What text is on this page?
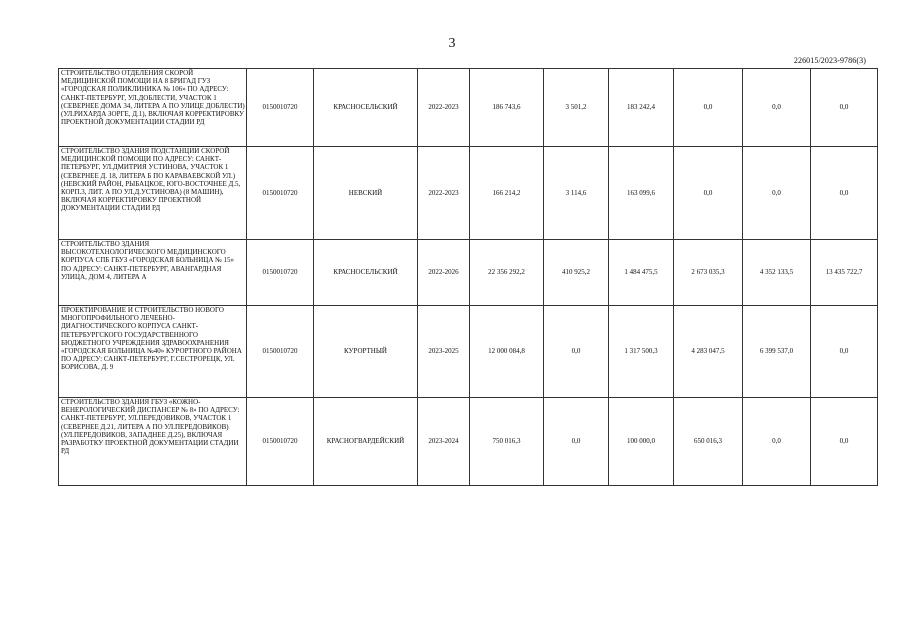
3
226015/2023-9786(3)
СТРОИТЕЛЬСТВО ОТДЕЛЕНИЯ СКОРОЙ МЕДИЦИНСКОЙ ПОМОЩИ НА 8 БРИГАД ГУЗ «ГОРОДСКАЯ ПОЛИКЛИНИКА № 106» ПО АДРЕСУ: САНКТ-ПЕТЕРБУРГ, УЛ.ДОБЛЕСТИ, УЧАСТОК 1 (СЕВЕРНЕЕ ДОМА 34, ЛИТЕРА А ПО УЛИЦЕ ДОБЛЕСТИ) (УЛ.РИХАРДА ЗОРГЕ, Д.1), ВКЛЮЧАЯ КОРРЕКТИРОВКУ ПРОЕКТНОЙ ДОКУМЕНТАЦИИ СТАДИИ РД	0150010720	КРАСНОСЕЛЬСКИЙ	2022-2023	186 743,6	3 501,2	183 242,4	0,0	0,0	0,0
СТРОИТЕЛЬСТВО ЗДАНИЯ ПОДСТАНЦИИ СКОРОЙ МЕДИЦИНСКОЙ ПОМОЩИ ПО АДРЕСУ: САНКТ-ПЕТЕРБУРГ, УЛ.ДМИТРИЯ УСТИНОВА, УЧАСТОК 1 (СЕВЕРНЕЕ Д. 18, ЛИТЕРА Б ПО КАРАВАЕВСКОЙ УЛ.) (НЕВСКИЙ РАЙОН, РЫБАЦКОЕ, ЮГО-ВОСТОЧНЕЕ Д.5, КОРП.3, ЛИТ. А ПО УЛ.Д.УСТИНОВА) (8 МАШИН), ВКЛЮЧАЯ КОРРЕКТИРОВКУ ПРОЕКТНОЙ ДОКУМЕНТАЦИИ СТАДИИ РД	0150010720	НЕВСКИЙ	2022-2023	166 214,2	3 114,6	163 099,6	0,0	0,0	0,0
СТРОИТЕЛЬСТВО ЗДАНИЯ ВЫСОКОТЕХНОЛОГИЧЕСКОГО МЕДИЦИНСКОГО КОРПУСА СПБ ГБУЗ «ГОРОДСКАЯ БОЛЬНИЦА № 15» ПО АДРЕСУ: САНКТ-ПЕТЕРБУРГ, АВАНГАРДНАЯ УЛИЦА, ДОМ 4, ЛИТЕРА А	0150010720	КРАСНОСЕЛЬСКИЙ	2022-2026	22 356 292,2	410 925,2	1 484 475,5	2 673 035,3	4 352 133,5	13 435 722,7
ПРОЕКТИРОВАНИЕ И СТРОИТЕЛЬСТВО НОВОГО МНОГОПРОФИЛЬНОГО ЛЕЧЕБНО-ДИАГНОСТИЧЕСКОГО КОРПУСА САНКТ-ПЕТЕРБУРГСКОГО ГОСУДАРСТВЕННОГО БЮДЖЕТНОГО УЧРЕЖДЕНИЯ ЗДРАВООХРАНЕНИЯ «ГОРОДСКАЯ БОЛЬНИЦА №40» КУРОРТНОГО РАЙОНА ПО АДРЕСУ: САНКТ-ПЕТЕРБУРГ, Г.СЕСТРОРЕЦК, УЛ. БОРИСОВА, Д. 9	0150010720	КУРОРТНЫЙ	2023-2025	12 000 084,8	0,0	1 317 500,3	4 283 047,5	6 399 537,0	0,0
СТРОИТЕЛЬСТВО ЗДАНИЯ ГБУЗ «КОЖНО-ВЕНЕРОЛОГИЧЕСКИЙ ДИСПАНСЕР № 8» ПО АДРЕСУ: САНКТ-ПЕТЕРБУРГ, УЛ.ПЕРЕДОВИКОВ, УЧАСТОК 1 (СЕВЕРНЕЕ Д.21, ЛИТЕРА А ПО УЛ.ПЕРЕДОВИКОВ) (УЛ.ПЕРЕДОВИКОВ, ЗАПАДНЕЕ Д.25), ВКЛЮЧАЯ РАЗРАБОТКУ ПРОЕКТНОЙ ДОКУМЕНТАЦИИ СТАДИИ РД	0150010720	КРАСНОГВАРДЕЙСКИЙ	2023-2024	750 016,3	0,0	100 000,0	650 016,3	0,0	0,0
